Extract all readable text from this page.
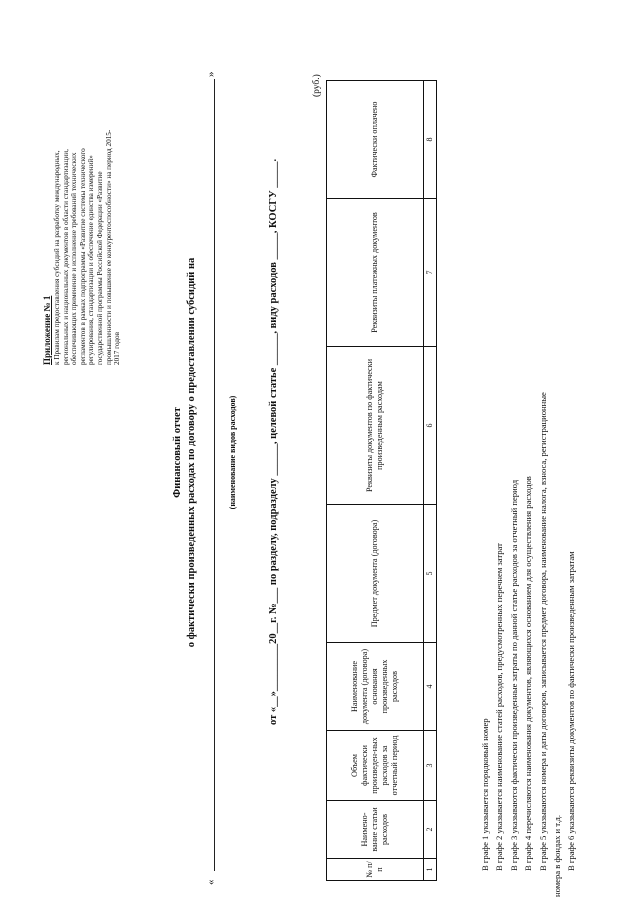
Приложение № 1 к Правилам предоставления субсидий на разработку международных, региональных и национальных документов в области стандартизации, обеспечивающих применение и исполнение требований технических регламентов в рамках подпрограммы «Развитие системы технического регулирования, стандартизации и обеспечение единства измерений» государственной программы Российской Федерации «Развитие промышленности и повышение ее конкурентоспособности» на период 2015- 2017 годов
Финансовый отчет о фактически произведенных расходах по договору о предоставлении субсидий на
«
»
(наименование видов расходов)	от «__»_________20__г. №___ по разделу, подразделу ______, целевой статье ______, виду расходов _____, КОСГУ _____.
(руб.)
№ п/п	Наимено-вание статьи расходов	Объем фактически произведен-ных расходов за отчетный период	Наименование документа (договора) основания произведенных расходов	Предмет документа (договора)	Реквизиты документов по фактически произведенным расходам	Реквизиты платежных документов	Фактически оплачено
1	2	3	4	5	6	7	8
В графе 1 указывается порядковый номер В графе 2 указывается наименование статей расходов, предусмотренных перечнем затрат В графе 3 указываются фактически произведенные затраты по данной статье расходов за отчетный период В графе 4 перечисляются наименования документов, являющихся основанием для осуществления расходов В графе 5 указываются номера и даты договоров, записывается предмет договора, наименование налога, взноса, регистрационные номера в фондах и т.д. В графе 6 указываются реквизиты документов по фактически произведенным затратам
